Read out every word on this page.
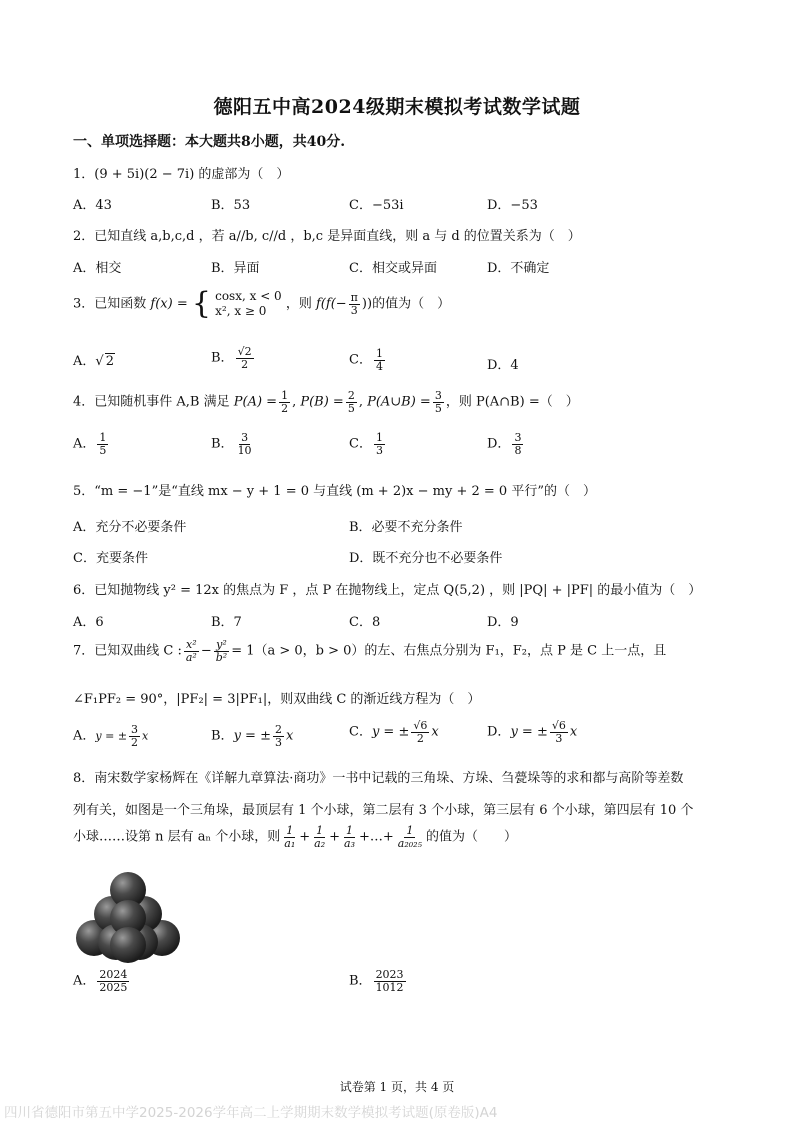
德阳五中高2024级期末模拟考试数学试题
一、单项选择题：本大题共8小题，共40分.
1．(9 + 5i)(2 − 7i) 的虚部为（　）
A．43	B．53	C．−53i	D．−53
2．已知直线 a,b,c,d ，若 a//b, c//d ，b,c 是异面直线，则 a 与 d 的位置关系为（　）
A．相交	B．异面	C．相交或异面	D．不确定
3．已知函数 f(x) = { cosx, x < 0
x², x ≥ 0	，则 $f(f(- \frac{\pi}{3}$ ))的值为（　）
A．√ 2	B． $\frac{√2}{2}$	C． $\frac{1}{4}$	D．4
4．已知随机事件 A,B 满足 $P(A) = \frac{1}{2}$ , $P(B) = \frac{2}{5}$ , P(A∪B) = $\frac{3}{5}$ ，则 P(A∩B) =（　）
A． $\frac{1}{5}$	B． $\frac{3}{10}$	C． $\frac{1}{3}$	D． $\frac{3}{8}$
5．“m = −1”是“直线 mx − y + 1 = 0 与直线 (m + 2)x − my + 2 = 0 平行”的（　）
A．充分不必要条件	B．必要不充分条件
C．充要条件	D．既不充分也不必要条件
6．已知抛物线 y² = 12x 的焦点为 F ，点 P 在抛物线上，定点 Q(5,2) ，则 |PQ| + |PF| 的最小值为（　）
A．6	B．7	C．8	D．9
7．已知双曲线 C : $\frac{\text{x²}}{\text{a²}} - \frac{\text{y²}}{\text{b²}} = 1(a > 0$，b > 0）的左、右焦点分别为 F₁，F₂，点 P 是 C 上一点，且
∠F₁PF₂ = 90°，|PF₂| = 3|PF₁|，则双曲线 C 的渐近线方程为（　）
A．y = ± $\frac{3}{2}$ x	B．y = ± $\frac{2}{3}$ x	C．y = ± $\frac{√6}{2}$ x	D．y = ± $\frac{√6}{3}$ x
8．南宋数学家杨辉在《详解九章算法·商功》一书中记载的三角垛、方垛、刍甍垛等的求和都与高阶等差数
列有关，如图是一个三角垛，最顶层有 1 个小球，第二层有 3 个小球，第三层有 6 个小球，第四层有 10 个
小球……设第 n 层有 aₙ 个小球，则 $\frac{1}{\text{a₁}} + \frac{1}{\text{a₂}} + \frac{1}{\text{a₃}}$ +…+ $\frac{1}{\text{a₂₀₂₅}}$ 的值为（　　）
A． $\frac{2024}{2025}$	B． $\frac{2023}{1012}$
试卷第 1 页，共 4 页
四川省德阳市第五中学2025-2026学年高二上学期期末数学模拟考试题(原卷版)A4
